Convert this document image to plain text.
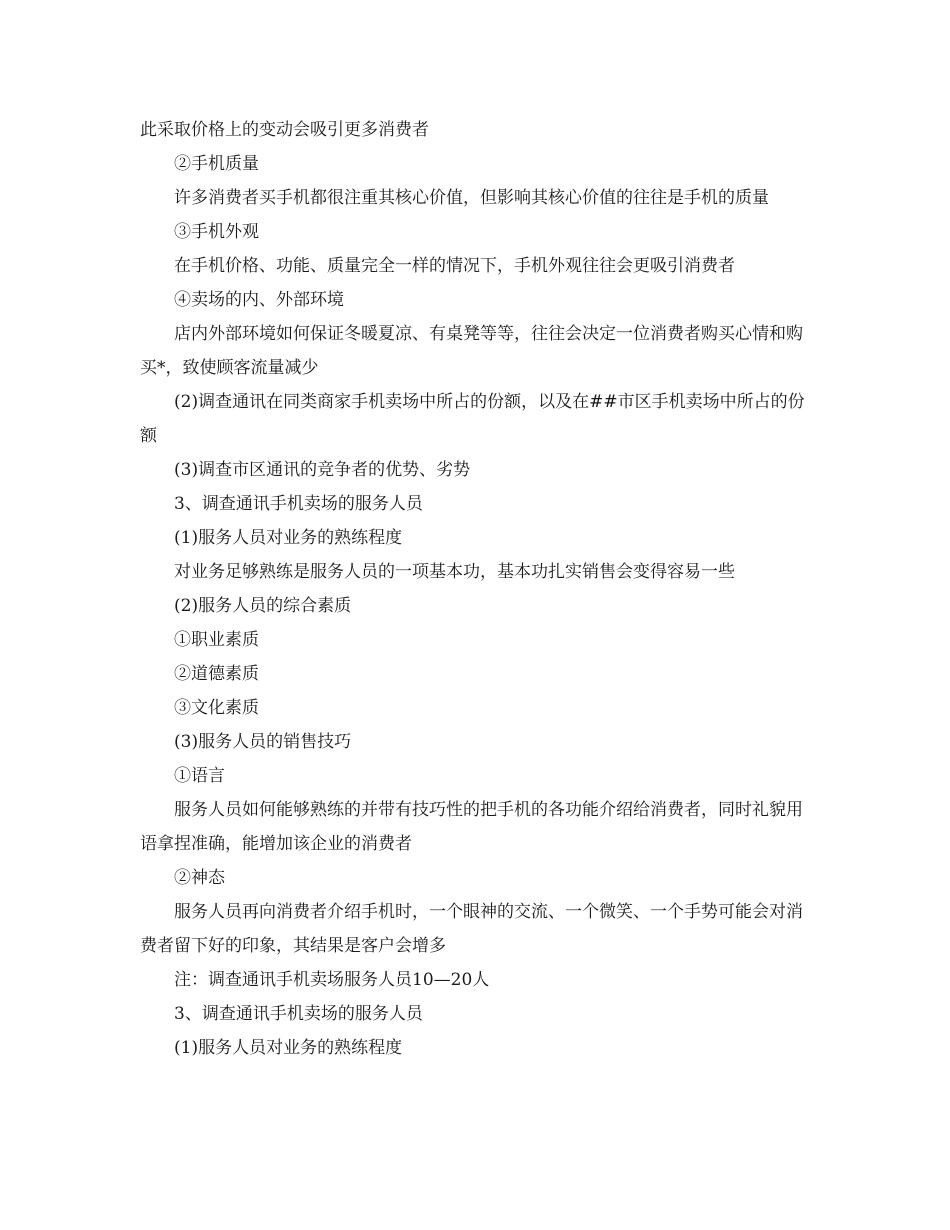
此采取价格上的变动会吸引更多消费者

②手机质量

许多消费者买手机都很注重其核心价值，但影响其核心价值的往往是手机的质量

③手机外观

在手机价格、功能、质量完全一样的情况下，手机外观往往会更吸引消费者

④卖场的内、外部环境

店内外部环境如何保证冬暖夏凉、有桌凳等等，往往会决定一位消费者购买心情和购买*，致使顾客流量减少

(2)调查通讯在同类商家手机卖场中所占的份额，以及在##市区手机卖场中所占的份额

(3)调查市区通讯的竞争者的优势、劣势

3、调查通讯手机卖场的服务人员

(1)服务人员对业务的熟练程度

对业务足够熟练是服务人员的一项基本功，基本功扎实销售会变得容易一些

(2)服务人员的综合素质

①职业素质

②道德素质

③文化素质

(3)服务人员的销售技巧

①语言

服务人员如何能够熟练的并带有技巧性的把手机的各功能介绍给消费者，同时礼貌用语拿捏准确，能增加该企业的消费者

②神态

服务人员再向消费者介绍手机时，一个眼神的交流、一个微笑、一个手势可能会对消费者留下好的印象，其结果是客户会增多

注：调查通讯手机卖场服务人员10—20人

3、调查通讯手机卖场的服务人员

(1)服务人员对业务的熟练程度
